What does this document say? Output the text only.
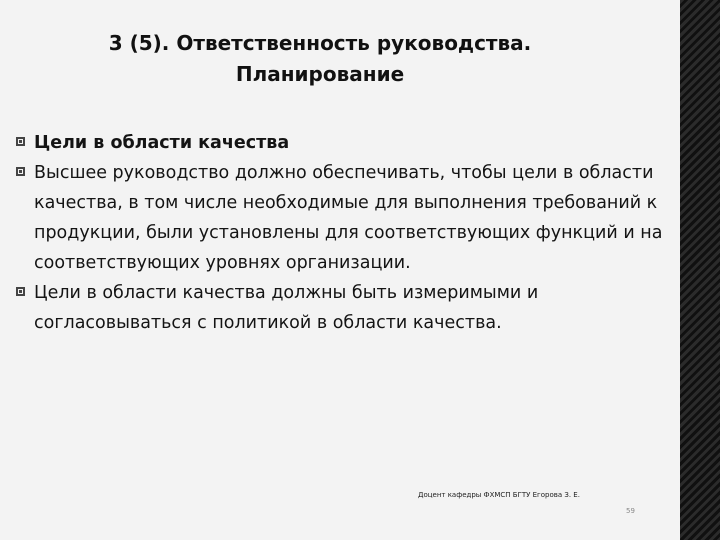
3 (5). Ответственность руководства.
Планирование
Цели в области качества
Высшее руководство должно обеспечивать, чтобы цели в области качества, в том числе необходимые для выполнения требований к продукции, были установлены для соответствующих функций и на соответствующих уровнях организации.
Цели в области качества должны быть измеримыми и согласовываться с политикой в области качества.
Доцент кафедры ФХМСП БГТУ Егорова З. Е.
59
